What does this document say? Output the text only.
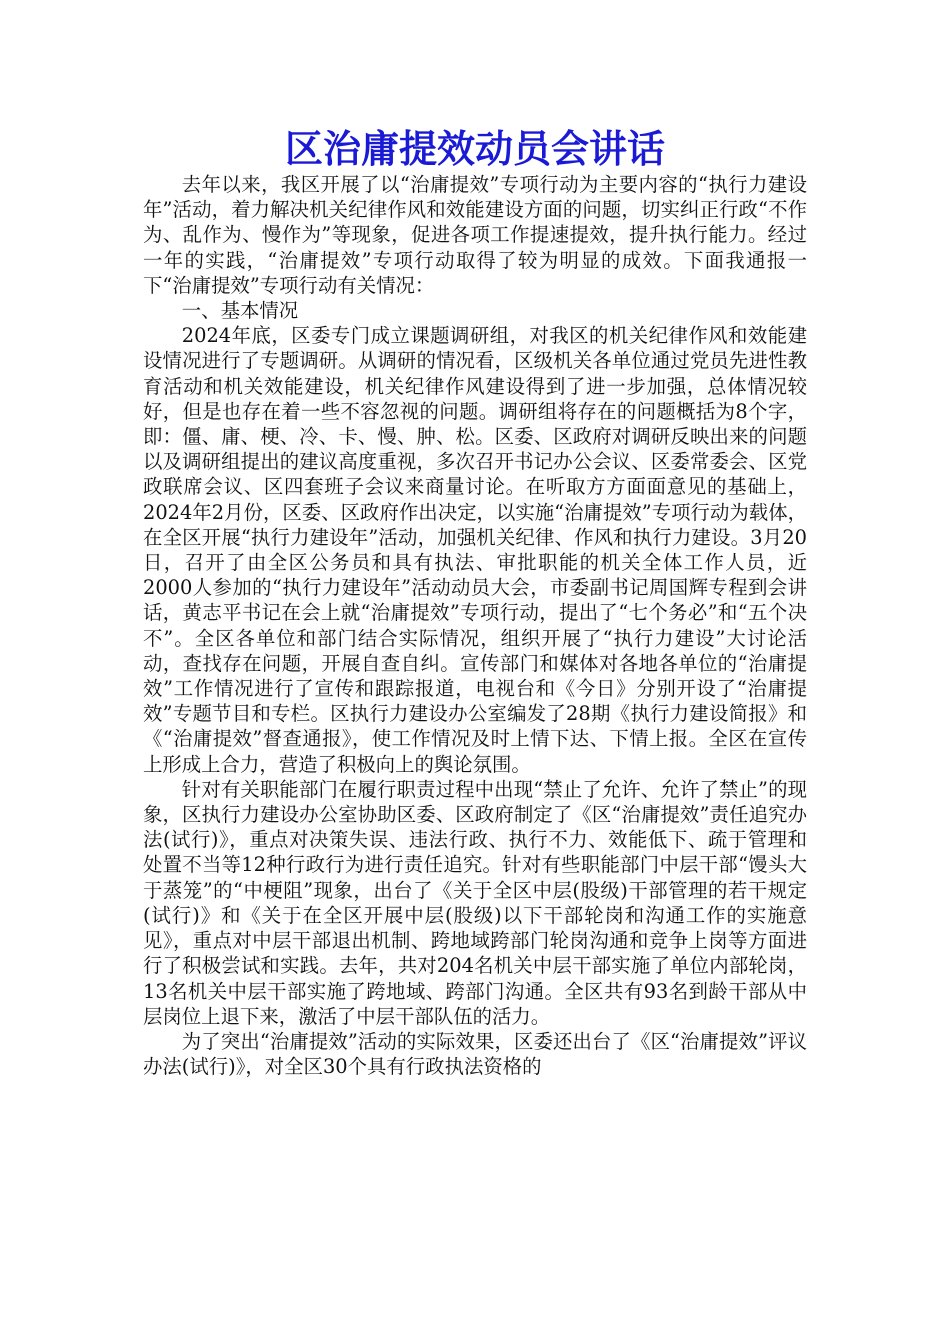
区治庸提效动员会讲话

去年以来，我区开展了以“治庸提效”专项行动为主要内容的“执行力建设年”活动，着力解决机关纪律作风和效能建设方面的问题，切实纠正行政“不作为、乱作为、慢作为”等现象，促进各项工作提速提效，提升执行能力。经过一年的实践，“治庸提效”专项行动取得了较为明显的成效。下面我通报一下“治庸提效”专项行动有关情况：

一、基本情况

2024年底，区委专门成立课题调研组，对我区的机关纪律作风和效能建设情况进行了专题调研。从调研的情况看，区级机关各单位通过党员先进性教育活动和机关效能建设，机关纪律作风建设得到了进一步加强，总体情况较好，但是也存在着一些不容忽视的问题。调研组将存在的问题概括为8个字，即：僵、庸、梗、冷、卡、慢、肿、松。区委、区政府对调研反映出来的问题以及调研组提出的建议高度重视，多次召开书记办公会议、区委常委会、区党政联席会议、区四套班子会议来商量讨论。在听取方方面面意见的基础上，2024年2月份，区委、区政府作出决定，以实施“治庸提效”专项行动为载体，在全区开展“执行力建设年”活动，加强机关纪律、作风和执行力建设。3月20日，召开了由全区公务员和具有执法、审批职能的机关全体工作人员，近2000人参加的“执行力建设年”活动动员大会，市委副书记周国辉专程到会讲话，黄志平书记在会上就“治庸提效”专项行动，提出了“七个务必”和“五个决不”。全区各单位和部门结合实际情况，组织开展了“执行力建设”大讨论活动，查找存在问题，开展自查自纠。宣传部门和媒体对各地各单位的“治庸提效”工作情况进行了宣传和跟踪报道，电视台和《今日》分别开设了“治庸提效”专题节目和专栏。区执行力建设办公室编发了28期《执行力建设简报》和《“治庸提效”督查通报》，使工作情况及时上情下达、下情上报。全区在宣传上形成上合力，营造了积极向上的舆论氛围。

针对有关职能部门在履行职责过程中出现“禁止了允许、允许了禁止”的现象，区执行力建设办公室协助区委、区政府制定了《区“治庸提效”责任追究办法(试行)》，重点对决策失误、违法行政、执行不力、效能低下、疏于管理和处置不当等12种行政行为进行责任追究。针对有些职能部门中层干部“馒头大于蒸笼”的“中梗阻”现象，出台了《关于全区中层(股级)干部管理的若干规定(试行)》和《关于在全区开展中层(股级)以下干部轮岗和沟通工作的实施意见》，重点对中层干部退出机制、跨地域跨部门轮岗沟通和竞争上岗等方面进行了积极尝试和实践。去年，共对204名机关中层干部实施了单位内部轮岗，13名机关中层干部实施了跨地域、跨部门沟通。全区共有93名到龄干部从中层岗位上退下来，激活了中层干部队伍的活力。

为了突出“治庸提效”活动的实际效果，区委还出台了《区“治庸提效”评议办法(试行)》，对全区30个具有行政执法资格的
